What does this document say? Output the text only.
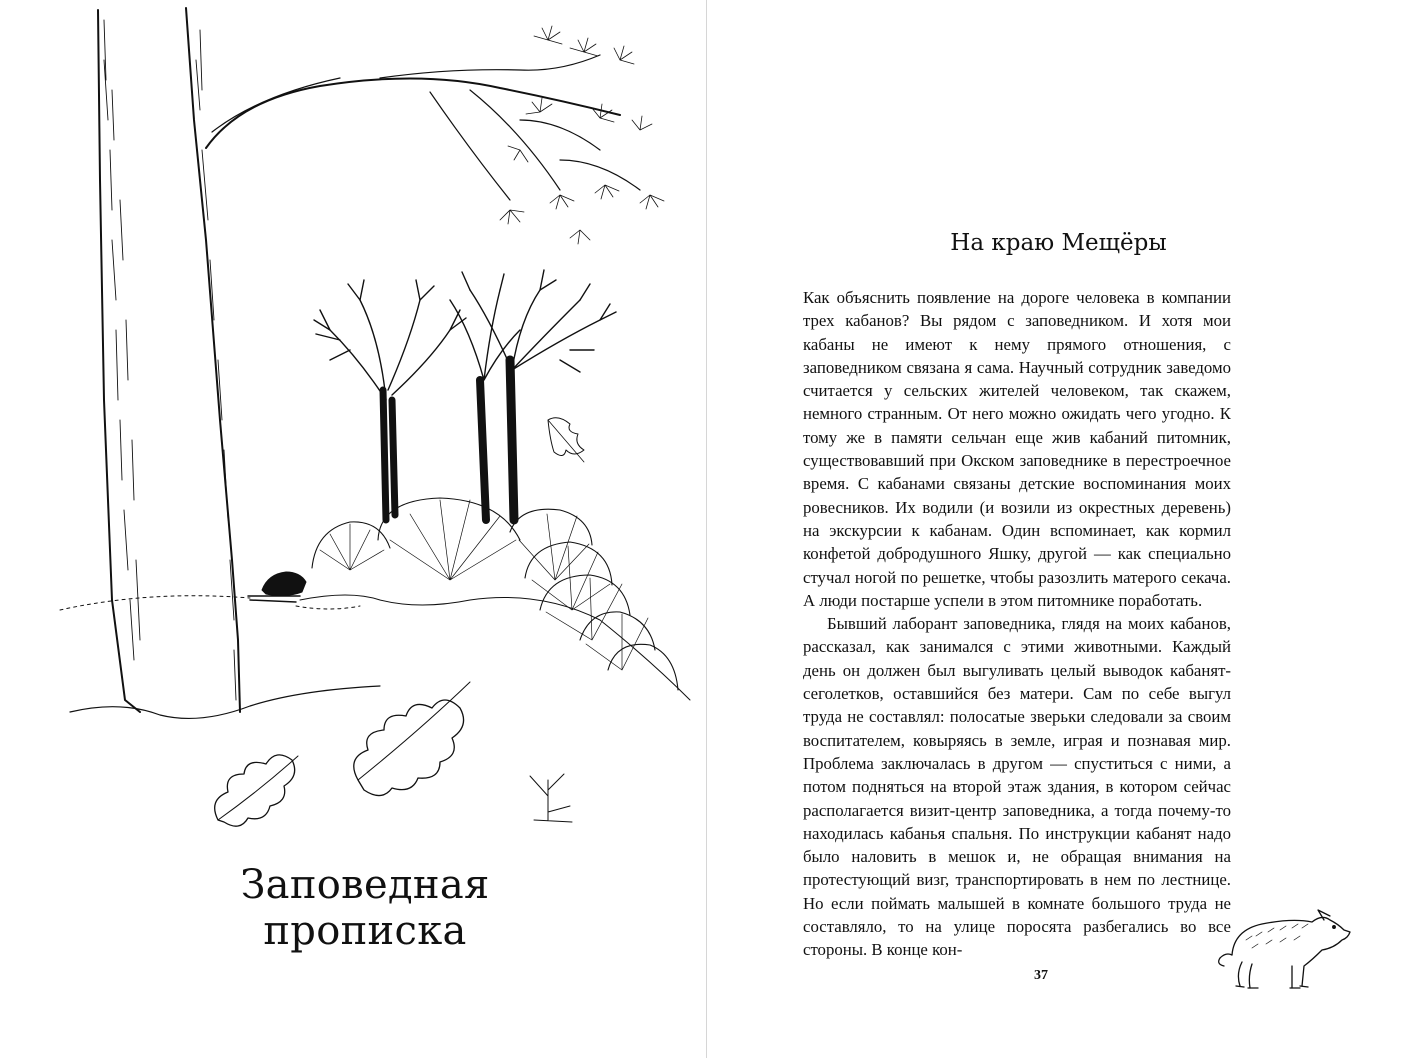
Заповедная
прописка
На краю Мещёры

Как объяснить появление на дороге человека в компании трех кабанов? Вы рядом с заповедником. И хотя мои кабаны не имеют к нему прямого отношения, с заповедником связана я сама. Научный сотрудник заведомо считается у сельских жителей человеком, так скажем, немного странным. От него можно ожидать чего угодно. К тому же в памяти сельчан еще жив кабаний питомник, существовавший при Окском заповеднике в перестроечное время. С кабанами связаны детские воспоминания моих ровесников. Их водили (и возили из окрестных деревень) на экскурсии к кабанам. Один вспоминает, как кормил конфетой добродушного Яшку, другой — как специально стучал ногой по решетке, чтобы разозлить матерого секача. А люди постарше успели в этом питомнике поработать.

Бывший лаборант заповедника, глядя на моих кабанов, рассказал, как занимался с этими животными. Каждый день он должен был выгуливать целый выводок кабанят-сеголетков, оставшийся без матери. Сам по себе выгул труда не составлял: полосатые зверьки следовали за своим воспитателем, ковыряясь в земле, играя и познавая мир. Проблема заключалась в другом — спуститься с ними, а потом подняться на второй этаж здания, в котором сейчас располагается визит-центр заповедника, а тогда почему-то находилась кабанья спальня. По инструкции кабанят надо было наловить в мешок и, не обращая внимания на протестующий визг, транспортировать в нем по лестнице. Но если поймать малышей в комнате большого труда не составляло, то на улице поросята разбегались во все стороны. В конце кон-

37
